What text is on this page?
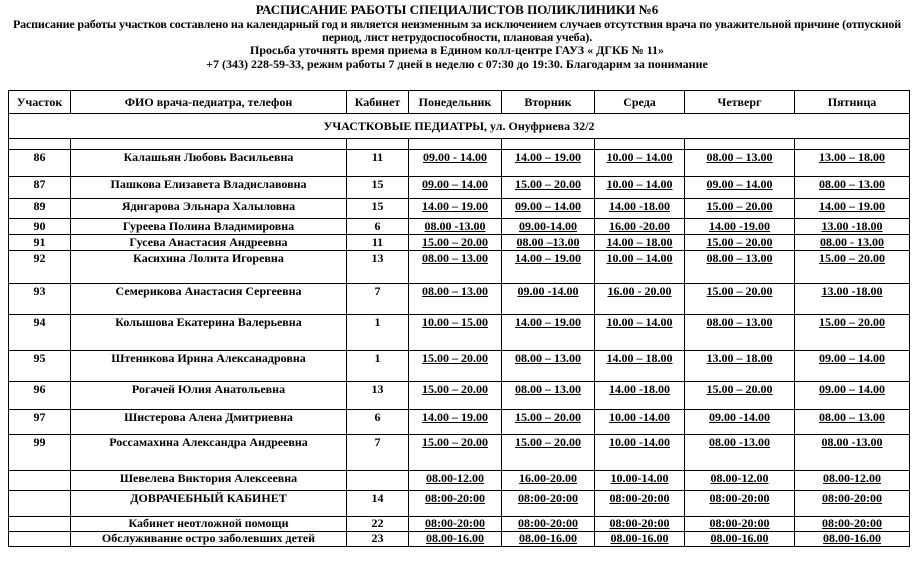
РАСПИСАНИЕ РАБОТЫ СПЕЦИАЛИСТОВ ПОЛИКЛИНИКИ №6
Расписание работы участков составлено на календарный год и является неизменным за исключением случаев отсутствия врача по уважительной причине (отпускной
период, лист нетрудоспособности, плановая учеба).
Просьба уточнять время приема в Едином колл-центре ГАУЗ « ДГКБ № 11»
+7 (343) 228-59-33, режим работы 7 дней в неделю с 07:30 до 19:30. Благодарим за понимание
Участок	ФИО врача-педиатра, телефон	Кабинет	Понедельник	Вторник	Среда	Четверг	Пятница
УЧАСТКОВЫЕ ПЕДИАТРЫ, ул. Онуфриева 32/2							

86	Калашьян Любовь Васильевна	11	09.00 - 14.00	14.00 – 19.00	10.00 – 14.00	08.00 – 13.00	13.00 – 18.00
87	Пашкова Елизавета Владиславовна	15	09.00 – 14.00	15.00 – 20.00	10.00 – 14.00	09.00 – 14.00	08.00 – 13.00
89	Ядигарова Эльнара Халыловна	15	14.00 – 19.00	09.00 – 14.00	14.00 -18.00	15.00 – 20.00	14.00 – 19.00
90	Гуреева Полина Владимировна	6	08.00 -13.00	09.00-14.00	16.00 -20.00	14.00 -19.00	13.00 -18.00
91	Гусева Анастасия Андреевна	11	15.00 – 20.00	08.00 –13.00	14.00 – 18.00	15.00 – 20.00	08.00 - 13.00
92	Касихина Лолита Игоревна	13	08.00 – 13.00	14.00 – 19.00	10.00 – 14.00	08.00 – 13.00	15.00 – 20.00
93	Семерикова Анастасия Сергеевна	7	08.00 – 13.00	09.00 -14.00	16.00 - 20.00	15.00 – 20.00	13.00 -18.00
94	Колышова Екатерина Валерьевна	1	10.00 – 15.00	14.00 – 19.00	10.00 – 14.00	08.00 – 13.00	15.00 – 20.00
95	Штеникова Ирина Алексанадровна	1	15.00 – 20.00	08.00 – 13.00	14.00 – 18.00	13.00 – 18.00	09.00 – 14.00
96	Рогачей Юлия Анатольевна	13	15.00 – 20.00	08.00 – 13.00	14.00 -18.00	15.00 – 20.00	09.00 – 14.00
97	Шистерова Алена Дмитриевна	6	14.00 – 19.00	15.00 – 20.00	10.00 -14.00	09.00 -14.00	08.00 – 13.00
99	Россамахина Александра Андреевна	7	15.00 – 20.00	15.00 – 20.00	10.00 -14.00	08.00 -13.00	08.00 -13.00
	Шевелева Виктория Алексеевна		08.00-12.00	16.00-20.00	10.00-14.00	08.00-12.00	08.00-12.00
	ДОВРАЧЕБНЫЙ КАБИНЕТ	14	08:00-20:00	08:00-20:00	08:00-20:00	08:00-20:00	08:00-20:00
	Кабинет неотложной помощи	22	08:00-20:00	08:00-20:00	08:00-20:00	08:00-20:00	08:00-20:00
	Обслуживание остро заболевших детей	23	08.00-16.00	08.00-16.00	08.00-16.00	08.00-16.00	08.00-16.00
